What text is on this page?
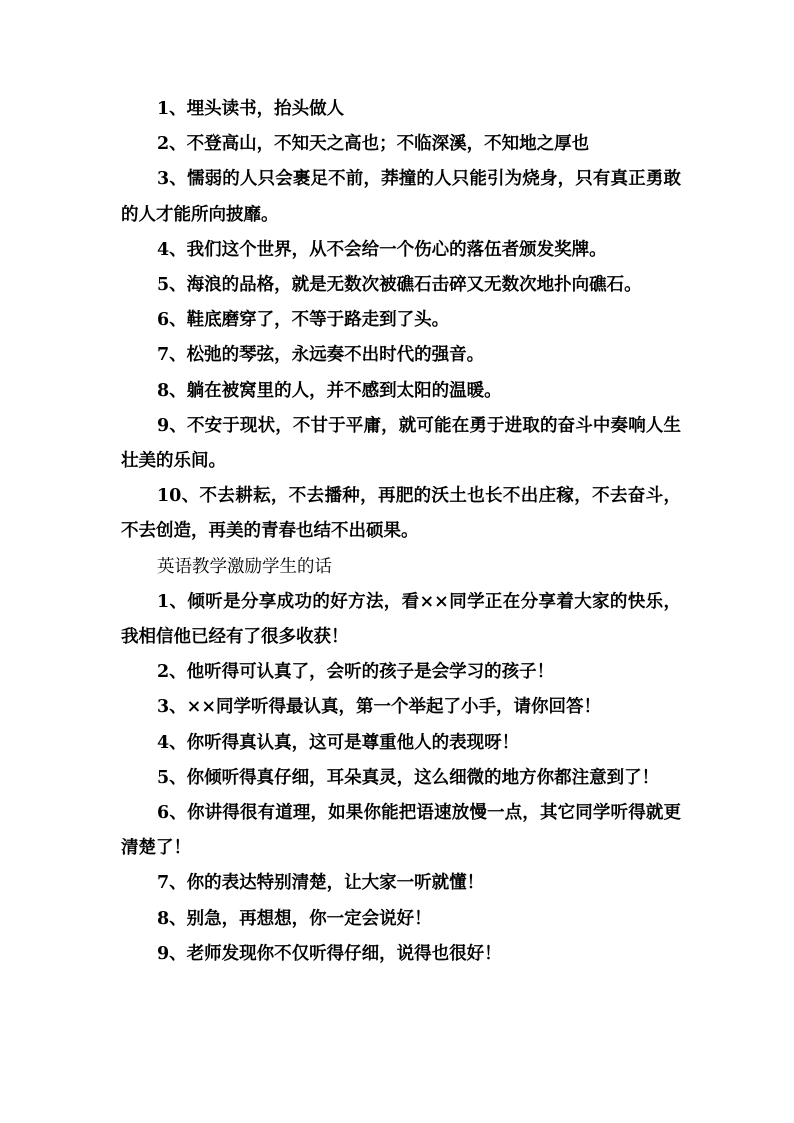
1、埋头读书，抬头做人

2、不登高山，不知天之高也；不临深溪，不知地之厚也

3、懦弱的人只会裹足不前，莽撞的人只能引为烧身，只有真正勇敢的人才能所向披靡。

4、我们这个世界，从不会给一个伤心的落伍者颁发奖牌。

5、海浪的品格，就是无数次被礁石击碎又无数次地扑向礁石。

6、鞋底磨穿了，不等于路走到了头。

7、松弛的琴弦，永远奏不出时代的强音。

8、躺在被窝里的人，并不感到太阳的温暖。

9、不安于现状，不甘于平庸，就可能在勇于进取的奋斗中奏响人生壮美的乐间。

10、不去耕耘，不去播种，再肥的沃土也长不出庄稼，不去奋斗，不去创造，再美的青春也结不出硕果。

英语教学激励学生的话

1、倾听是分享成功的好方法，看××同学正在分享着大家的快乐，我相信他已经有了很多收获！

2、他听得可认真了，会听的孩子是会学习的孩子！

3、××同学听得最认真，第一个举起了小手，请你回答！

4、你听得真认真，这可是尊重他人的表现呀！

5、你倾听得真仔细，耳朵真灵，这么细微的地方你都注意到了！

6、你讲得很有道理，如果你能把语速放慢一点，其它同学听得就更清楚了！

7、你的表达特别清楚，让大家一听就懂！

8、别急，再想想，你一定会说好！

9、老师发现你不仅听得仔细，说得也很好！
